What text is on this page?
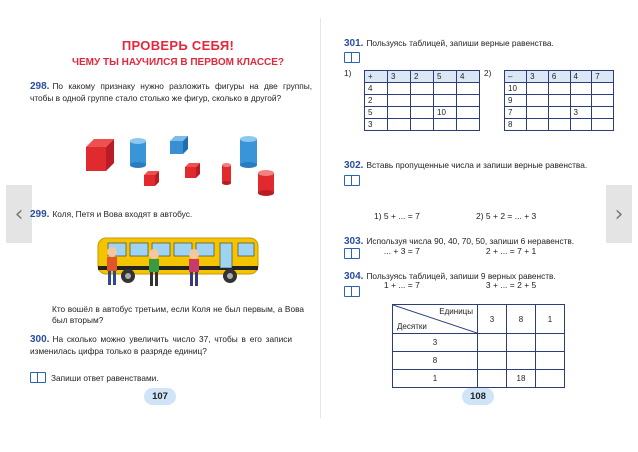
‹	›
ПРОВЕРЬ СЕБЯ!
ЧЕМУ ТЫ НАУЧИЛСЯ В ПЕРВОМ КЛАССЕ?
298. По какому признаку нужно разложить фигуры на две группы, чтобы в одной группе стало столько же фигур, сколько в другой?
299. Коля, Петя и Вова входят в автобус.
Кто вошёл в автобус третьим, если Коля не был первым, а Вова был вторым?
300. На сколько можно увеличить число 37, чтобы в его записи изменилась цифра только в разряде единиц?
Запиши ответ равенствами.
107
301. Пользуясь таблицей, запиши верные равенства.
1) +	3	2	5	4
4				
2				
5			10	
3				
2) –	3	6	4	7
10				
9				
7			3	
8				
302. Вставь пропущенные числа и запиши верные равенства.

1) 5 + ... = 7

... + 3 = 7

1 + ... = 7

2) 5 + 2 = ... + 3

2 + ... = 7 + 1

3 + ... = 2 + 5

303. Используя числа 90, 40, 70, 50, запиши 6 неравенств.
304. Пользуясь таблицей, запиши 9 верных равенств.
Единицы
Десятки	3	8	1
3			
8			
1		18	
108
